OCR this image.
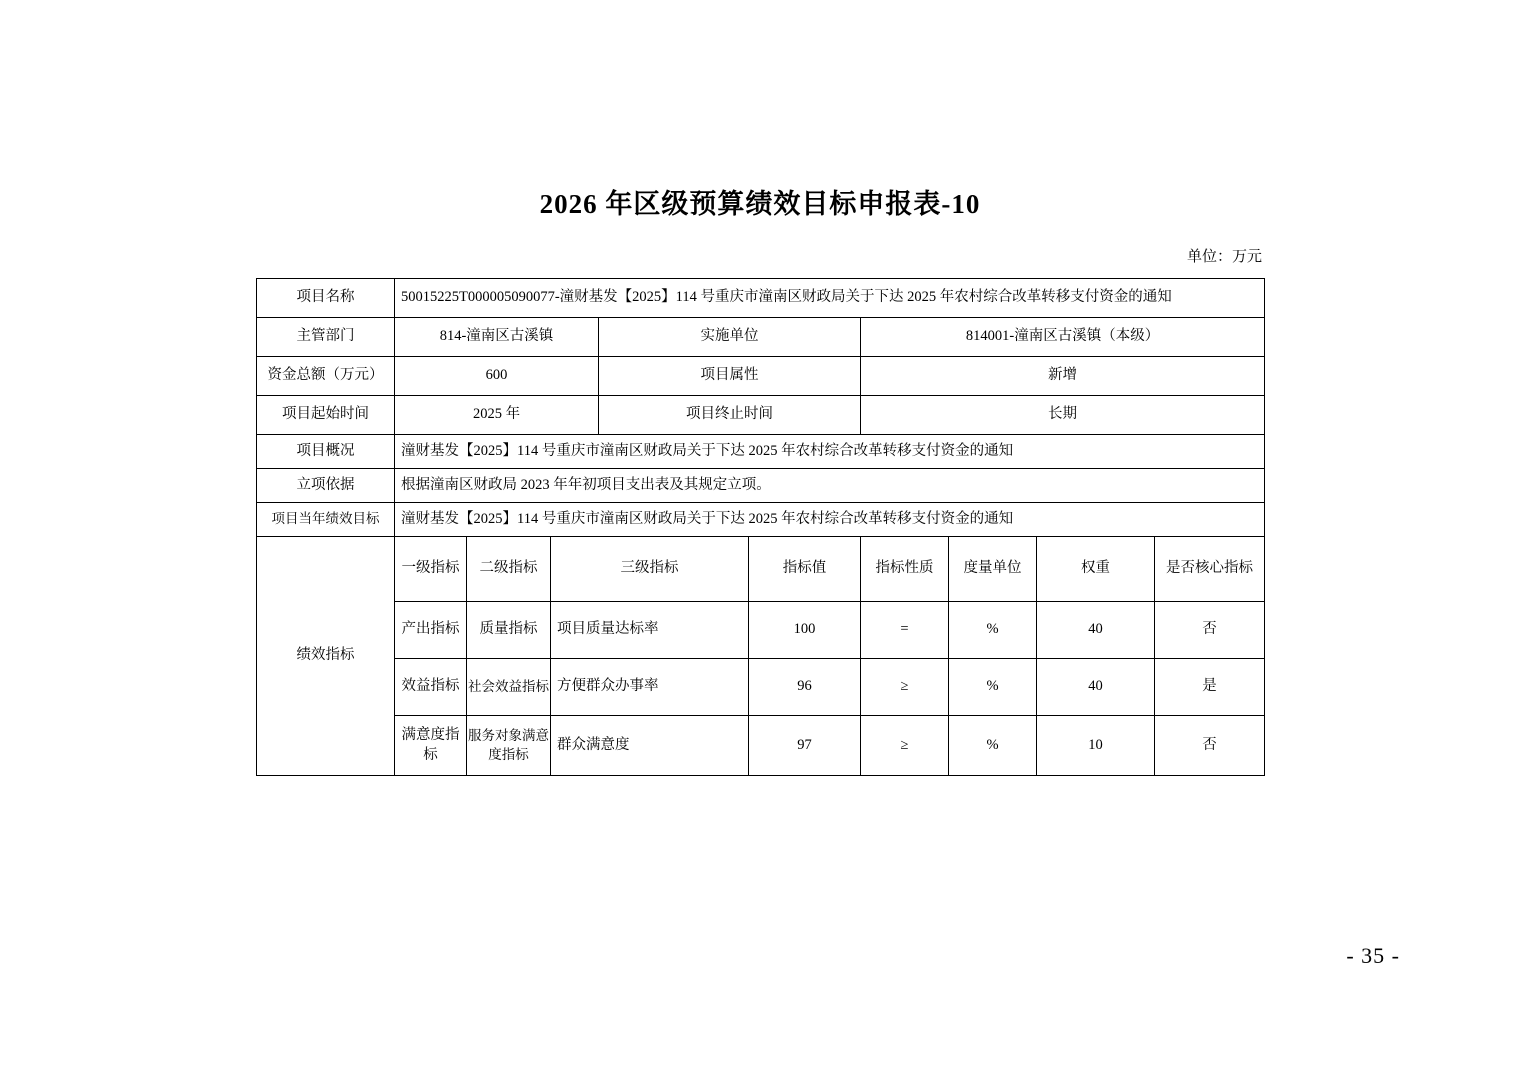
2026 年区级预算绩效目标申报表-10
单位：万元
项目名称	50015225T000005090077-潼财基发【2025】114 号重庆市潼南区财政局关于下达 2025 年农村综合改革转移支付资金的通知								
主管部门	814-潼南区古溪镇			实施单位		814001-潼南区古溪镇（本级）			
资金总额（万元）	600			项目属性		新增			
项目起始时间	2025 年			项目终止时间		长期			
项目概况	潼财基发【2025】114 号重庆市潼南区财政局关于下达 2025 年农村综合改革转移支付资金的通知								
立项依据	根据潼南区财政局 2023 年年初项目支出表及其规定立项。								
项目当年绩效目标	潼财基发【2025】114 号重庆市潼南区财政局关于下达 2025 年农村综合改革转移支付资金的通知								
绩效指标	一级指标	二级指标	三级指标		指标值	指标性质	度量单位	权重	是否核心指标
	产出指标	质量指标	项目质量达标率		100	=	%	40	否
	效益指标	社会效益指标	方便群众办事率		96	≥	%	40	是
	满意度指标	服务对象满意度指标	群众满意度		97	≥	%	10	否
- 35 -
